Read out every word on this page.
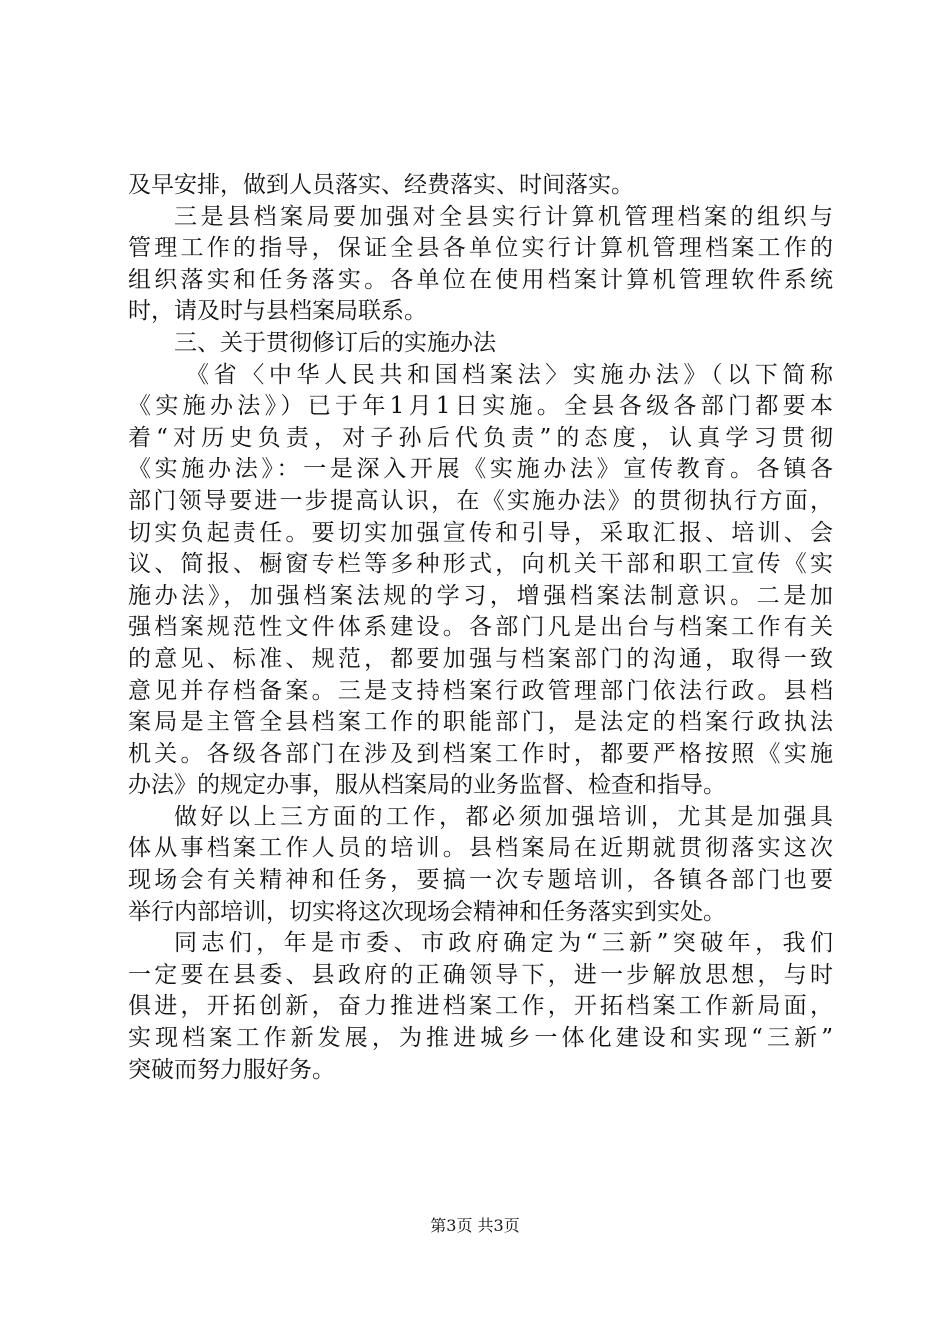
及早安排，做到人员落实、经费落实、时间落实。
三是县档案局要加强对全县实行计算机管理档案的组织与
管理工作的指导，保证全县各单位实行计算机管理档案工作的
组织落实和任务落实。各单位在使用档案计算机管理软件系统
时，请及时与县档案局联系。
三、关于贯彻修订后的实施办法
《省〈中华人民共和国档案法〉实施办法》（以下简称
《实施办法》）已于年1月1日实施。全县各级各部门都要本
着“对历史负责，对子孙后代负责”的态度，认真学习贯彻
《实施办法》：一是深入开展《实施办法》宣传教育。各镇各
部门领导要进一步提高认识，在《实施办法》的贯彻执行方面，
切实负起责任。要切实加强宣传和引导，采取汇报、培训、会
议、简报、橱窗专栏等多种形式，向机关干部和职工宣传《实
施办法》，加强档案法规的学习，增强档案法制意识。二是加
强档案规范性文件体系建设。各部门凡是出台与档案工作有关
的意见、标准、规范，都要加强与档案部门的沟通，取得一致
意见并存档备案。三是支持档案行政管理部门依法行政。县档
案局是主管全县档案工作的职能部门，是法定的档案行政执法
机关。各级各部门在涉及到档案工作时，都要严格按照《实施
办法》的规定办事，服从档案局的业务监督、检查和指导。
做好以上三方面的工作，都必须加强培训，尤其是加强具
体从事档案工作人员的培训。县档案局在近期就贯彻落实这次
现场会有关精神和任务，要搞一次专题培训，各镇各部门也要
举行内部培训，切实将这次现场会精神和任务落实到实处。
同志们，年是市委、市政府确定为“三新”突破年，我们
一定要在县委、县政府的正确领导下，进一步解放思想，与时
俱进，开拓创新，奋力推进档案工作，开拓档案工作新局面，
实现档案工作新发展，为推进城乡一体化建设和实现“三新”
突破而努力服好务。
第3页 共3页
